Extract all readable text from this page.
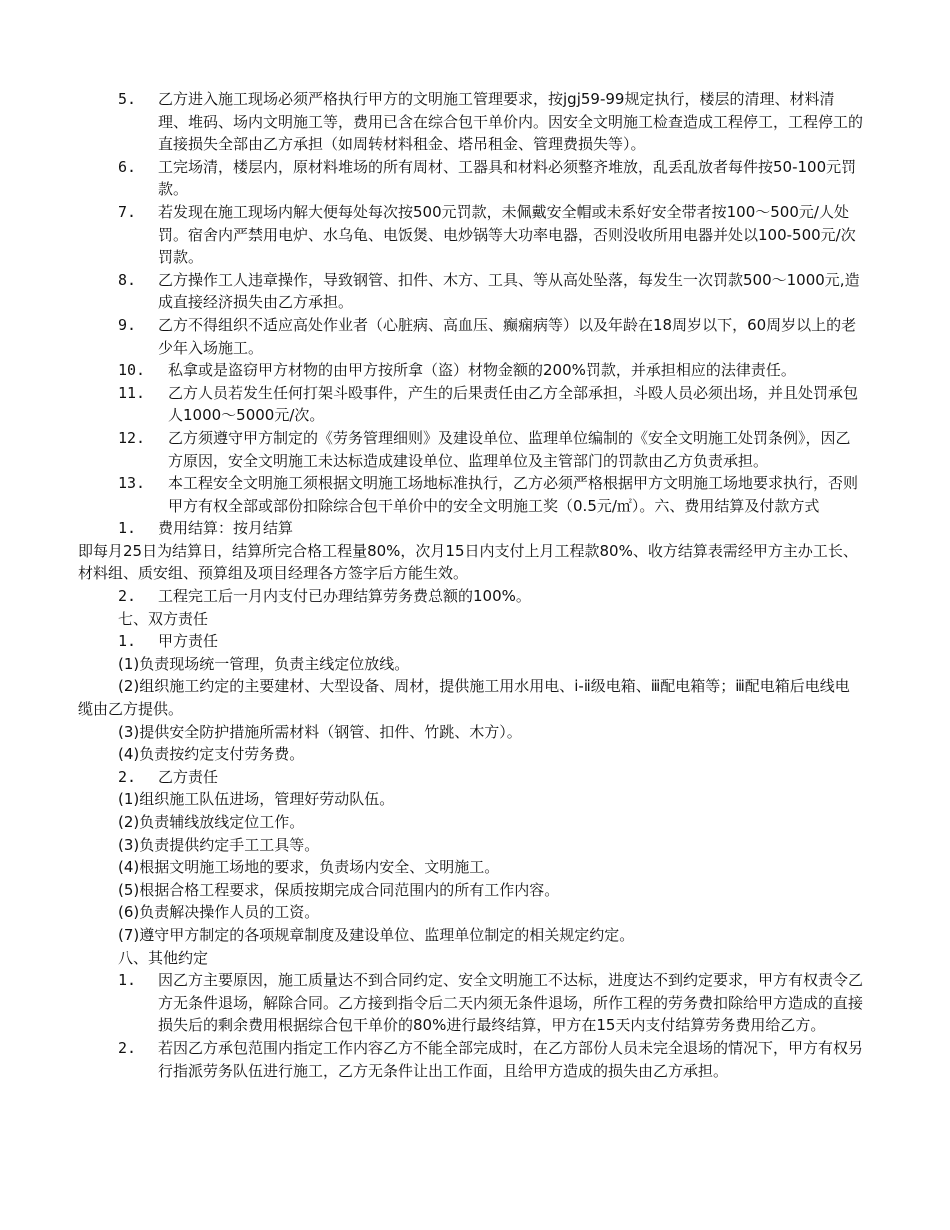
5.	乙方进入施工现场必须严格执行甲方的文明施工管理要求，按jgj59-99规定执行，楼层的清理、材料清理、堆码、场内文明施工等，费用已含在综合包干单价内。因安全文明施工检查造成工程停工，工程停工的直接损失全部由乙方承担（如周转材料租金、塔吊租金、管理费损失等）。
6.	工完场清，楼层内，原材料堆场的所有周材、工器具和材料必须整齐堆放，乱丢乱放者每件按50-100元罚款。
7.	若发现在施工现场内解大便每处每次按500元罚款，未佩戴安全帽或未系好安全带者按100～500元/人处罚。宿舍内严禁用电炉、水乌龟、电饭煲、电炒锅等大功率电器，否则没收所用电器并处以100-500元/次罚款。
8.	乙方操作工人违章操作，导致钢管、扣件、木方、工具、等从高处坠落，每发生一次罚款500～1000元,造成直接经济损失由乙方承担。
9.	乙方不得组织不适应高处作业者（心脏病、高血压、癫痫病等）以及年龄在18周岁以下，60周岁以上的老少年入场施工。
10.	私拿或是盗窃甲方材物的由甲方按所拿（盗）材物金额的200%罚款，并承担相应的法律责任。
11.	乙方人员若发生任何打架斗殴事件，产生的后果责任由乙方全部承担，斗殴人员必须出场，并且处罚承包人1000～5000元/次。
12.	乙方须遵守甲方制定的《劳务管理细则》及建设单位、监理单位编制的《安全文明施工处罚条例》，因乙方原因，安全文明施工未达标造成建设单位、监理单位及主管部门的罚款由乙方负责承担。
13.	本工程安全文明施工须根据文明施工场地标准执行，乙方必须严格根据甲方文明施工场地要求执行，否则甲方有权全部或部份扣除综合包干单价中的安全文明施工奖（0.5元/㎡）。六、费用结算及付款方式
1.	费用结算：按月结算
即每月25日为结算日，结算所完合格工程量80%，次月15日内支付上月工程款80%、收方结算表需经甲方主办工长、材料组、质安组、预算组及项目经理各方签字后方能生效。
2.	工程完工后一月内支付已办理结算劳务费总额的100%。
七、双方责任
1.	甲方责任
(1)负责现场统一管理，负责主线定位放线。
(2)组织施工约定的主要建材、大型设备、周材，提供施工用水用电、ⅰ-ⅱ级电箱、ⅲ配电箱等；ⅲ配电箱后电线电缆由乙方提供。
(3)提供安全防护措施所需材料（钢管、扣件、竹跳、木方）。
(4)负责按约定支付劳务费。
2.	乙方责任
(1)组织施工队伍进场，管理好劳动队伍。
(2)负责辅线放线定位工作。
(3)负责提供约定手工工具等。
(4)根据文明施工场地的要求，负责场内安全、文明施工。
(5)根据合格工程要求，保质按期完成合同范围内的所有工作内容。
(6)负责解决操作人员的工资。
(7)遵守甲方制定的各项规章制度及建设单位、监理单位制定的相关规定约定。
八、其他约定
1.	因乙方主要原因，施工质量达不到合同约定、安全文明施工不达标，进度达不到约定要求，甲方有权责令乙方无条件退场，解除合同。乙方接到指令后二天内须无条件退场，所作工程的劳务费扣除给甲方造成的直接损失后的剩余费用根据综合包干单价的80%进行最终结算，甲方在15天内支付结算劳务费用给乙方。
2.	若因乙方承包范围内指定工作内容乙方不能全部完成时，在乙方部份人员未完全退场的情况下，甲方有权另行指派劳务队伍进行施工，乙方无条件让出工作面，且给甲方造成的损失由乙方承担。
